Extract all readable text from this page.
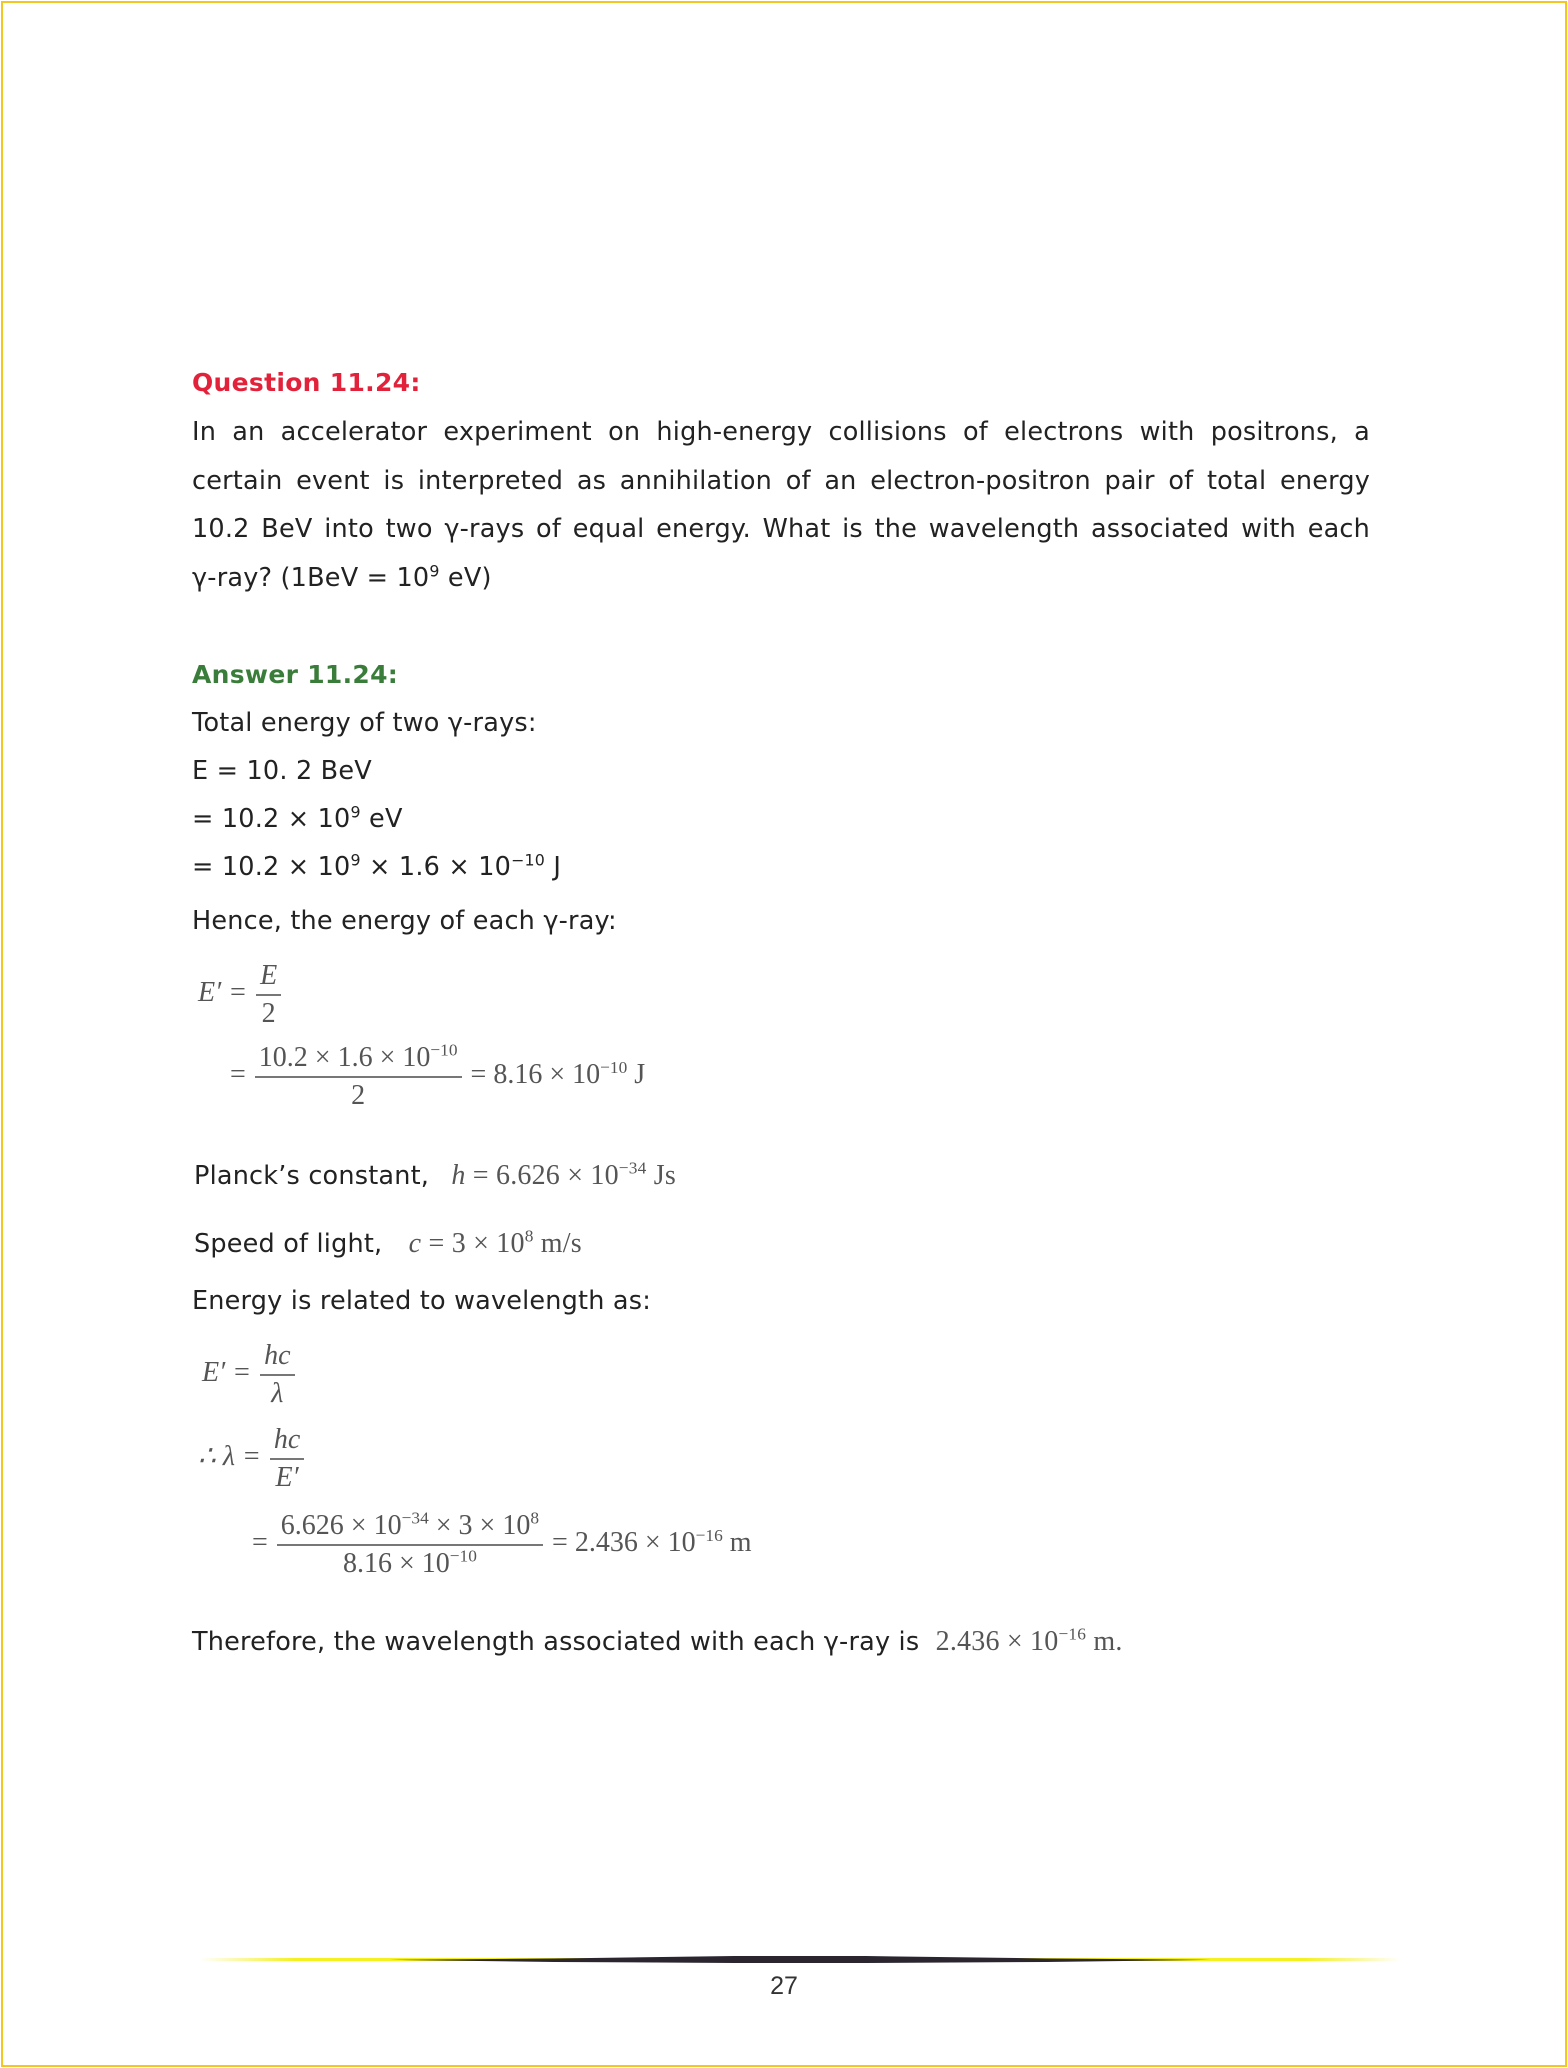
Question 11.24:
In an accelerator experiment on high-energy collisions of electrons with positrons, a
certain event is interpreted as annihilation of an electron-positron pair of total energy
10.2 BeV into two γ-rays of equal energy. What is the wavelength associated with each
γ-ray? ($1BeV = 10^9$ eV)
Answer 11.24:
Total energy of two γ-rays:
E = 10. 2 BeV
= $10.2 \times 10^9$ eV
= $10.2 \times 10^9 \times 1.6 \times 10^{-10}$ J
Hence, the energy of each γ-ray:
$E' = \frac{E}{2}$
= $\frac{10.2 \times 1.6 \times 10^{-10}}{2} = 8.16 \times 10^{-10}$ J
Planck’s constant, $h = 6.626 \times 10^{-34}$ Js
Speed of light, $c = 3 \times 10^8$ m/s
Energy is related to wavelength as:
$E' = \frac{hc}{\lambda}$
∴ $\lambda = \frac{hc}{E'}$
= $\frac{6.626 \times 10^{-34} \times 3 \times 10^8}{8.16 \times 10^{-10}} = 2.436 \times 10^{-16}$ m
Therefore, the wavelength associated with each γ-ray is $2.436 \times 10^{-16}$ m.
27
